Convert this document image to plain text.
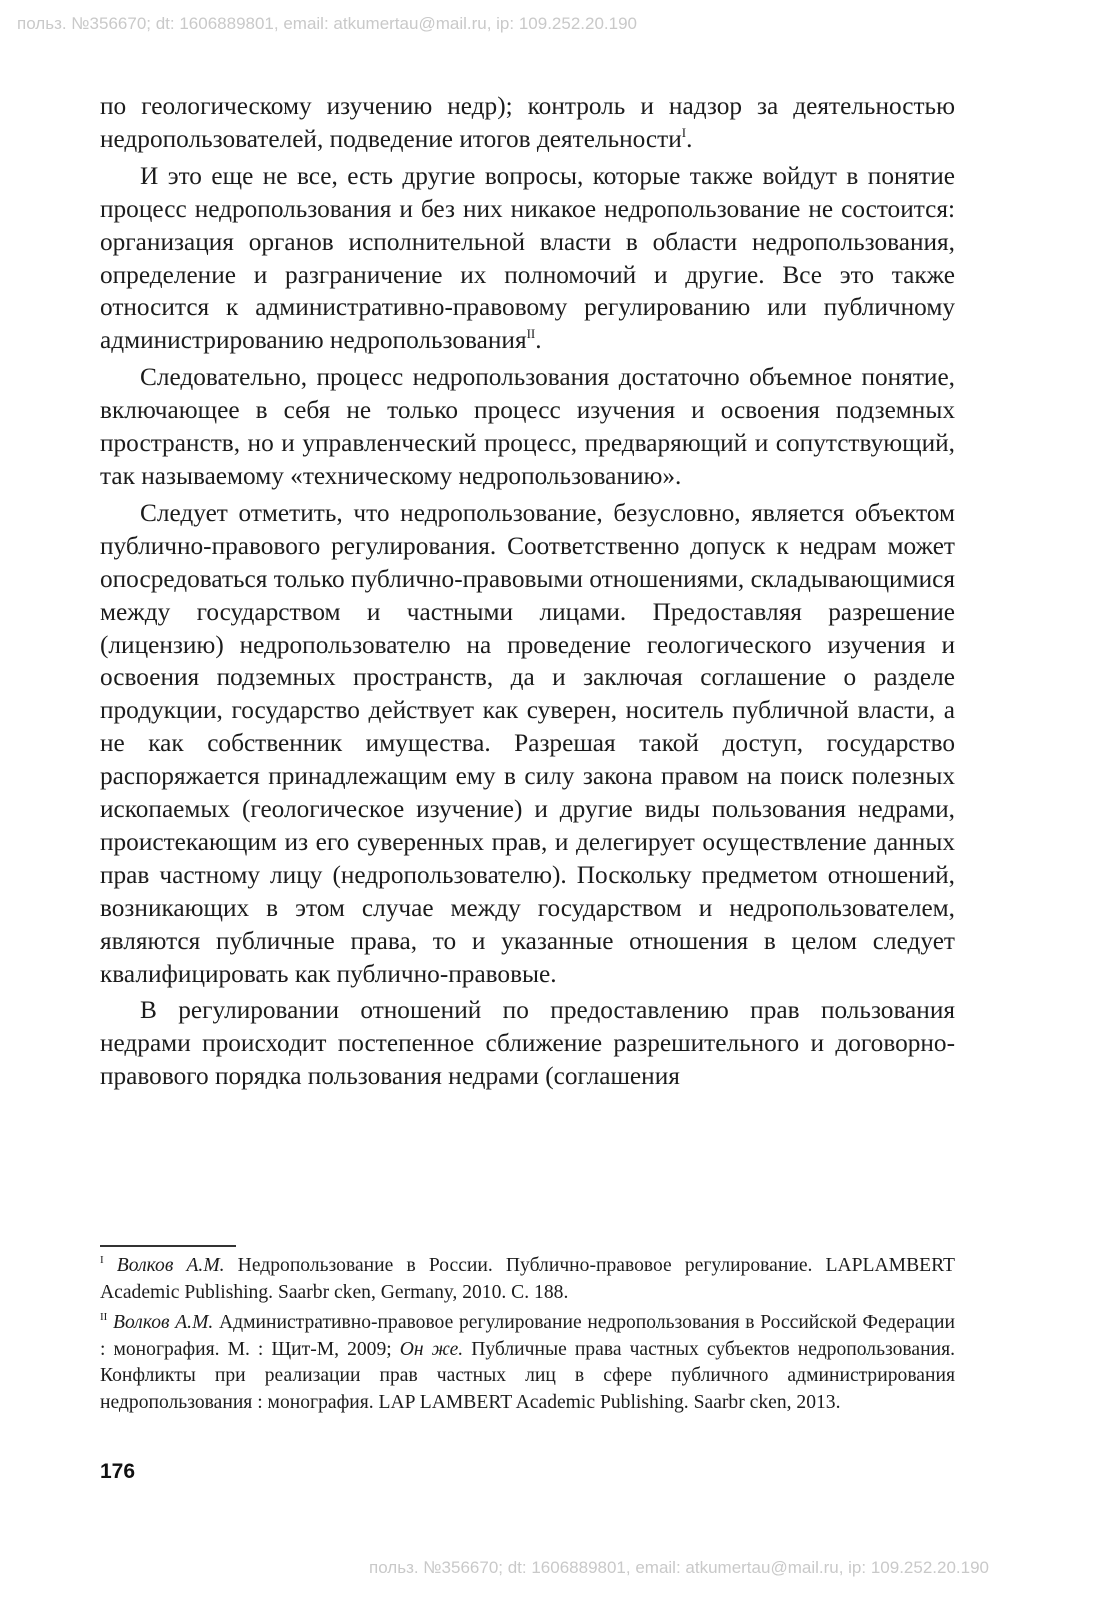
польз. №356670; dt: 1606889801, email: atkumertau@mail.ru, ip: 109.252.20.190

по геологическому изучению недр); контроль и надзор за деятельностью недропользователей, подведение итогов деятельности$^I$.

И это еще не все, есть другие вопросы, которые также войдут в понятие процесс недропользования и без них никакое недропользование не состоится: организация органов исполнительной власти в области недропользования, определение и разграничение их полномочий и другие. Все это также относится к административно-правовому регулированию или публичному администрированию недропользования$^{II}$.

Следовательно, процесс недропользования достаточно объемное понятие, включающее в себя не только процесс изучения и освоения подземных пространств, но и управленческий процесс, предваряющий и сопутствующий, так называемому «техническому недропользованию».

Следует отметить, что недропользование, безусловно, является объектом публично-правового регулирования. Соответственно допуск к недрам может опосредоваться только публично-правовыми отношениями, складывающимися между государством и частными лицами. Предоставляя разрешение (лицензию) недропользователю на проведение геологического изучения и освоения подземных пространств, да и заключая соглашение о разделе продукции, государство действует как суверен, носитель публичной власти, а не как собственник имущества. Разрешая такой доступ, государство распоряжается принадлежащим ему в силу закона правом на поиск полезных ископаемых (геологическое изучение) и другие виды пользования недрами, проистекающим из его суверенных прав, и делегирует осуществление данных прав частному лицу (недропользователю). Поскольку предметом отношений, возникающих в этом случае между государством и недропользователем, являются публичные права, то и указанные отношения в целом следует квалифицировать как публично-правовые.

В регулировании отношений по предоставлению прав пользования недрами происходит постепенное сближение разрешительного и договорно-правового порядка пользования недрами (соглашения

$^I$ Волков А.М. Недропользование в России. Публично-правовое регулирование. LAPLAMBERT Academic Publishing. Saarbr cken, Germany, 2010. С. 188.

$^{II}$ Волков А.М. Административно-правовое регулирование недропользования в Российской Федерации : монография. М. : Щит-М, 2009; Он же. Публичные права частных субъектов недропользования. Конфликты при реализации прав частных лиц в сфере публичного администрирования недропользования : монография. LAP LAMBERT Academic Publishing. Saarbr cken, 2013.

176
польз. №356670; dt: 1606889801, email: atkumertau@mail.ru, ip: 109.252.20.190
